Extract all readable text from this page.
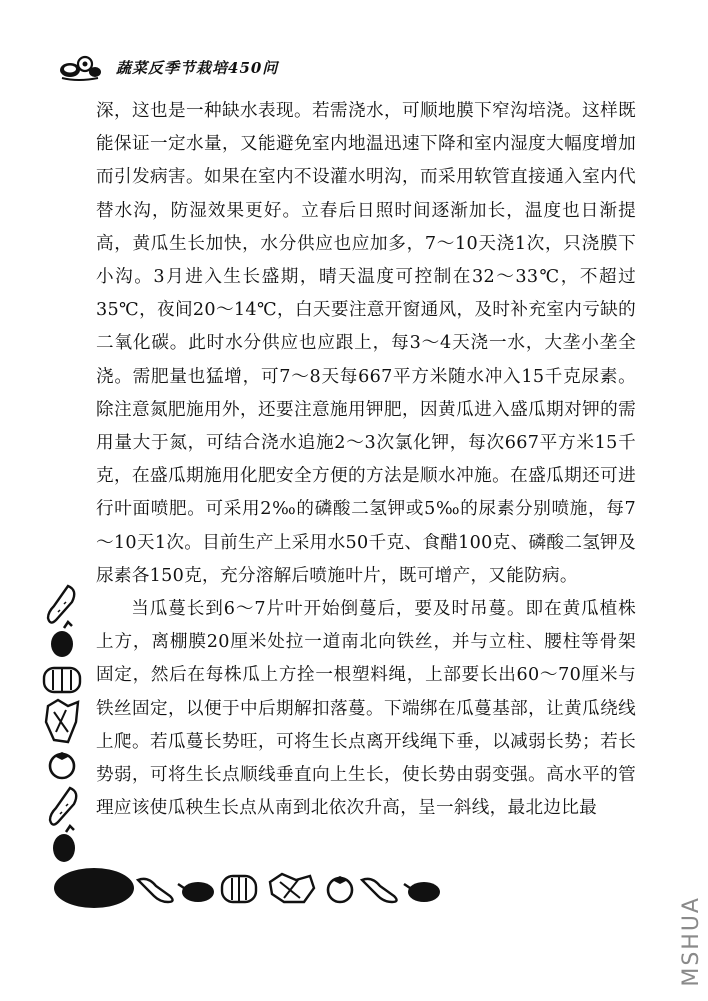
蔬菜反季节栽培450问

深，这也是一种缺水表现。若需浇水，可顺地膜下窄沟培浇。这样既能保证一定水量，又能避免室内地温迅速下降和室内湿度大幅度增加而引发病害。如果在室内不设灌水明沟，而采用软管直接通入室内代替水沟，防湿效果更好。立春后日照时间逐渐加长，温度也日渐提高，黄瓜生长加快，水分供应也应加多，7～10天浇1次，只浇膜下小沟。3月进入生长盛期，晴天温度可控制在32～33℃，不超过35℃，夜间20～14℃，白天要注意开窗通风，及时补充室内亏缺的二氧化碳。此时水分供应也应跟上，每3～4天浇一水，大垄小垄全浇。需肥量也猛增，可7～8天每667平方米随水冲入15千克尿素。除注意氮肥施用外，还要注意施用钾肥，因黄瓜进入盛瓜期对钾的需用量大于氮，可结合浇水追施2～3次氯化钾，每次667平方米15千克，在盛瓜期施用化肥安全方便的方法是顺水冲施。在盛瓜期还可进行叶面喷肥。可采用2‰的磷酸二氢钾或5‰的尿素分别喷施，每7～10天1次。目前生产上采用水50千克、食醋100克、磷酸二氢钾及尿素各150克，充分溶解后喷施叶片，既可增产，又能防病。

当瓜蔓长到6～7片叶开始倒蔓后，要及时吊蔓。即在黄瓜植株上方，离棚膜20厘米处拉一道南北向铁丝，并与立柱、腰柱等骨架固定，然后在每株瓜上方拴一根塑料绳，上部要长出60～70厘米与铁丝固定，以便于中后期解扣落蔓。下端绑在瓜蔓基部，让黄瓜绕线上爬。若瓜蔓长势旺，可将生长点离开线绳下垂，以减弱长势；若长势弱，可将生长点顺线垂直向上生长，使长势由弱变强。高水平的管理应该使瓜秧生长点从南到北依次升高，呈一斜线，最北边比最

MSHUA
